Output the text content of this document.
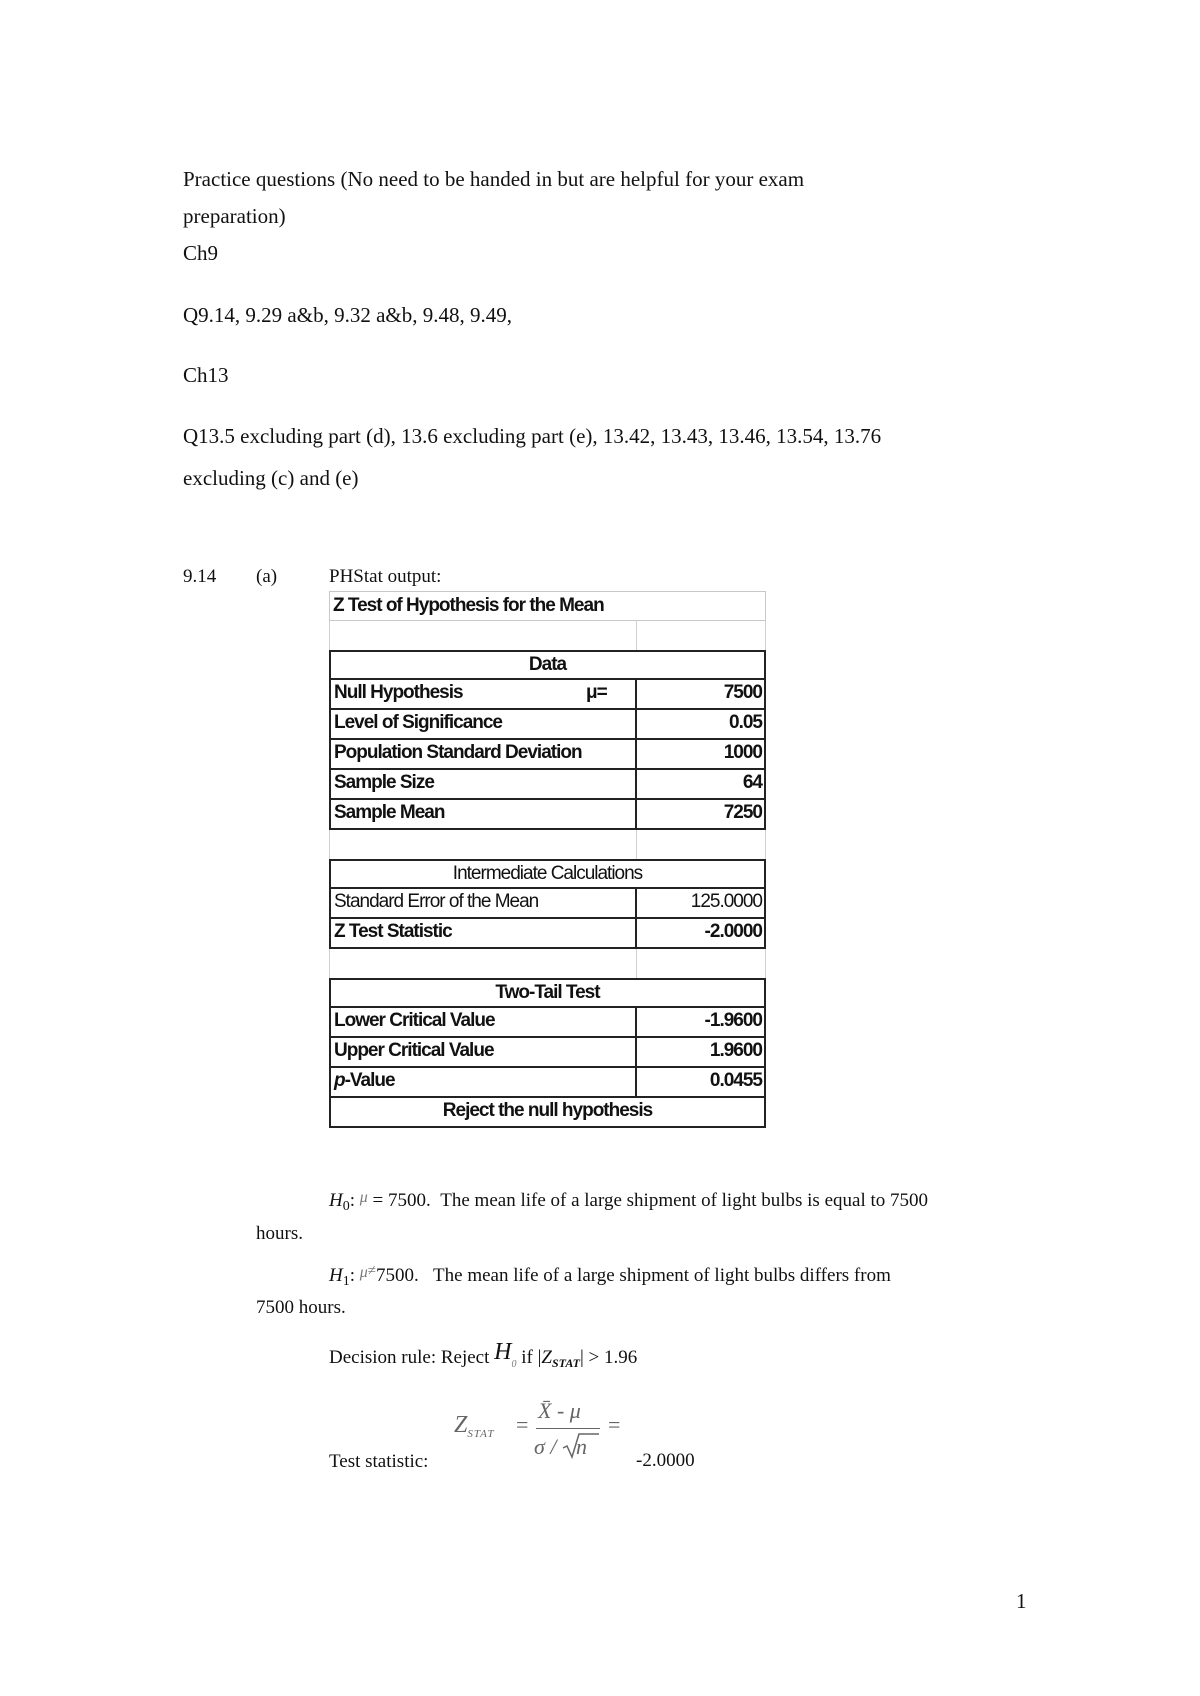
Practice questions (No need to be handed in but are helpful for your exam
preparation)
Ch9
Q9.14, 9.29 a&b, 9.32 a&b, 9.48, 9.49,
Ch13
Q13.5 excluding part (d), 13.6 excluding part (e), 13.42, 13.43, 13.46, 13.54, 13.76
excluding (c) and (e)
9.14 (a)	PHStat output:
Z Test of Hypothesis for the Mean
Data
Null Hypothesis	μ=	7500
Level of Significance	0.05
Population Standard Deviation	1000
Sample Size	64
Sample Mean	7250
Intermediate Calculations
Standard Error of the Mean	125.0000
Z Test Statistic	-2.0000
Two-Tail Test
Lower Critical Value	-1.9600
Upper Critical Value	1.9600
p-Value	0.0455
Reject the null hypothesis
$H_0$: $^\mu$ = 7500. The mean life of a large shipment of light bulbs is equal to 7500
hours.
$H_1$: $^{\mu\ne}$7500. The mean life of a large shipment of light bulbs differs from
7500 hours.
Decision rule: Reject $H_0$ if $|Z_{STAT}| > 1.96$
Test statistic:
$Z_{STAT}$ =
X̄ - μ
σ / n
=
-2.0000
1
